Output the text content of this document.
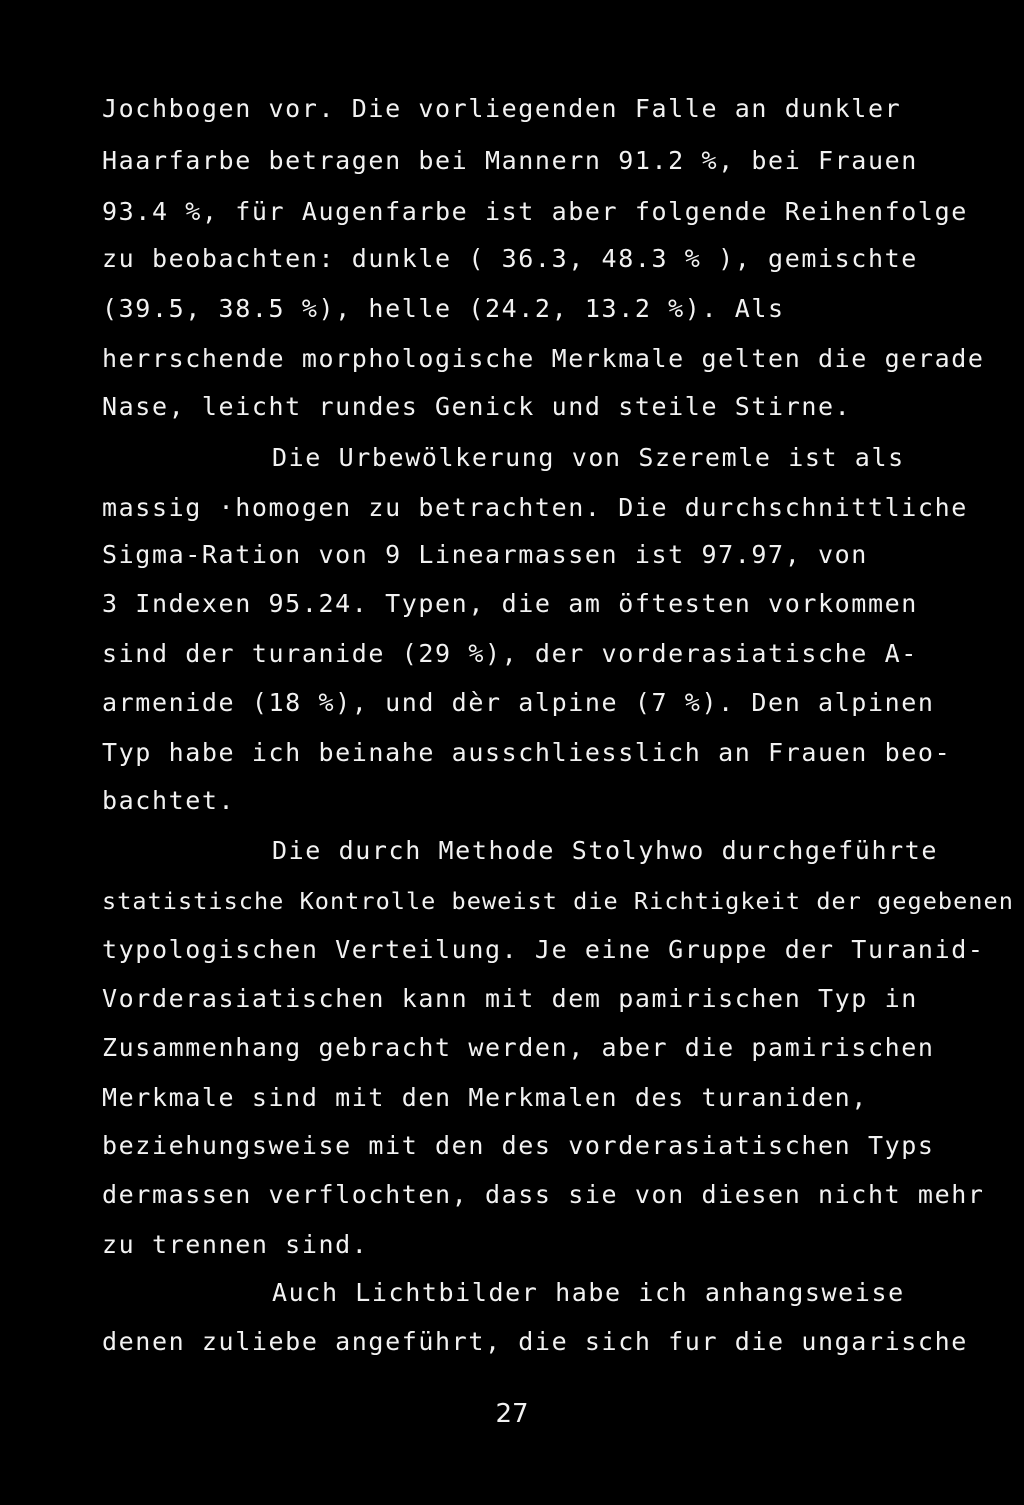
Jochbogen vor. Die vorliegenden Falle an dunkler
Haarfarbe betragen bei Mannern 91.2 %, bei Frauen
93.4 %, für Augenfarbe ist aber folgende Reihenfolge
zu beobachten: dunkle ( 36.3, 48.3 % ), gemischte
(39.5, 38.5 %), helle (24.2, 13.2 %). Als
herrschende morphologische Merkmale gelten die gerade
Nase, leicht rundes Genick und steile Stirne.
Die Urbewölkerung von Szeremle ist als
massig ·homogen zu betrachten. Die durchschnittliche
Sigma-Ration von 9 Linearmassen ist 97.97, von
3 Indexen 95.24. Typen, die am öftesten vorkommen
sind der turanide (29 %), der vorderasiatische A-
armenide (18 %), und dèr alpine (7 %). Den alpinen
Typ habe ich beinahe ausschliesslich an Frauen beo-
bachtet.
Die durch Methode Stolyhwo durchgeführte
statistische Kontrolle beweist die Richtigkeit der gegebenen
typologischen Verteilung. Je eine Gruppe der Turanid-
Vorderasiatischen kann mit dem pamirischen Typ in
Zusammenhang gebracht werden, aber die pamirischen
Merkmale sind mit den Merkmalen des turaniden,
beziehungsweise mit den des vorderasiatischen Typs
dermassen verflochten, dass sie von diesen nicht mehr
zu trennen sind.
Auch Lichtbilder habe ich anhangsweise
denen zuliebe angeführt, die sich fur die ungarische
27
